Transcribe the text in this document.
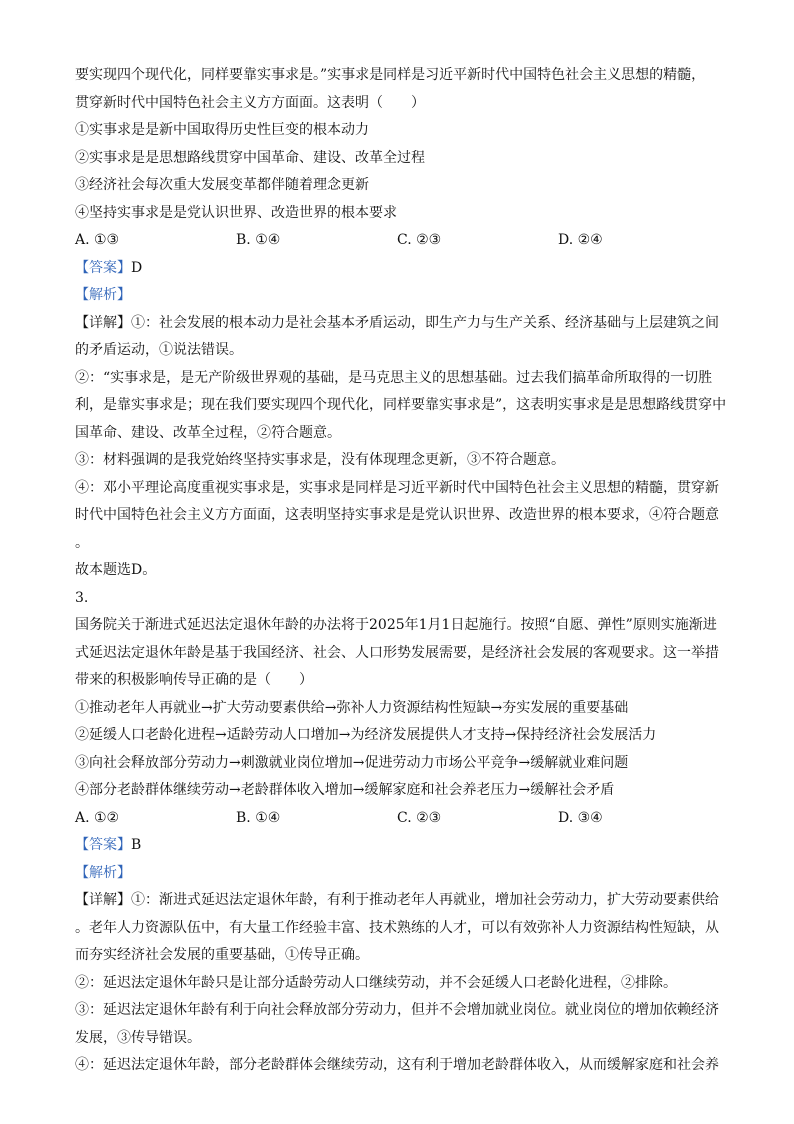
要实现四个现代化，同样要靠实事求是。”实事求是同样是习近平新时代中国特色社会主义思想的精髓，
贯穿新时代中国特色社会主义方方面面。这表明（　　）
①实事求是是新中国取得历史性巨变的根本动力
②实事求是是思想路线贯穿中国革命、建设、改革全过程
③经济社会每次重大发展变革都伴随着理念更新
④坚持实事求是是党认识世界、改造世界的根本要求
A. ①③	B. ①④	C. ②③	D. ②④
【答案】D
【解析】
【详解】①：社会发展的根本动力是社会基本矛盾运动，即生产力与生产关系、经济基础与上层建筑之间
的矛盾运动，①说法错误。
②：“实事求是，是无产阶级世界观的基础，是马克思主义的思想基础。过去我们搞革命所取得的一切胜
利，是靠实事求是；现在我们要实现四个现代化，同样要靠实事求是”，这表明实事求是是思想路线贯穿中
国革命、建设、改革全过程，②符合题意。
③：材料强调的是我党始终坚持实事求是，没有体现理念更新，③不符合题意。
④：邓小平理论高度重视实事求是，实事求是同样是习近平新时代中国特色社会主义思想的精髓，贯穿新
时代中国特色社会主义方方面面，这表明坚持实事求是是党认识世界、改造世界的根本要求，④符合题意
。
故本题选D。
3.
国务院关于渐进式延迟法定退休年龄的办法将于2025年1月1日起施行。按照“自愿、弹性”原则实施渐进
式延迟法定退休年龄是基于我国经济、社会、人口形势发展需要，是经济社会发展的客观要求。这一举措
带来的积极影响传导正确的是（　　）
①推动老年人再就业→扩大劳动要素供给→弥补人力资源结构性短缺→夯实发展的重要基础
②延缓人口老龄化进程→适龄劳动人口增加→为经济发展提供人才支持→保持经济社会发展活力
③向社会释放部分劳动力→刺激就业岗位增加→促进劳动力市场公平竞争→缓解就业难问题
④部分老龄群体继续劳动→老龄群体收入增加→缓解家庭和社会养老压力→缓解社会矛盾
A. ①②	B. ①④	C. ②③	D. ③④
【答案】B
【解析】
【详解】①：渐进式延迟法定退休年龄，有利于推动老年人再就业，增加社会劳动力，扩大劳动要素供给
。老年人力资源队伍中，有大量工作经验丰富、技术熟练的人才，可以有效弥补人力资源结构性短缺，从
而夯实经济社会发展的重要基础，①传导正确。
②：延迟法定退休年龄只是让部分适龄劳动人口继续劳动，并不会延缓人口老龄化进程，②排除。
③：延迟法定退休年龄有利于向社会释放部分劳动力，但并不会增加就业岗位。就业岗位的增加依赖经济
发展，③传导错误。
④：延迟法定退休年龄，部分老龄群体会继续劳动，这有利于增加老龄群体收入，从而缓解家庭和社会养
